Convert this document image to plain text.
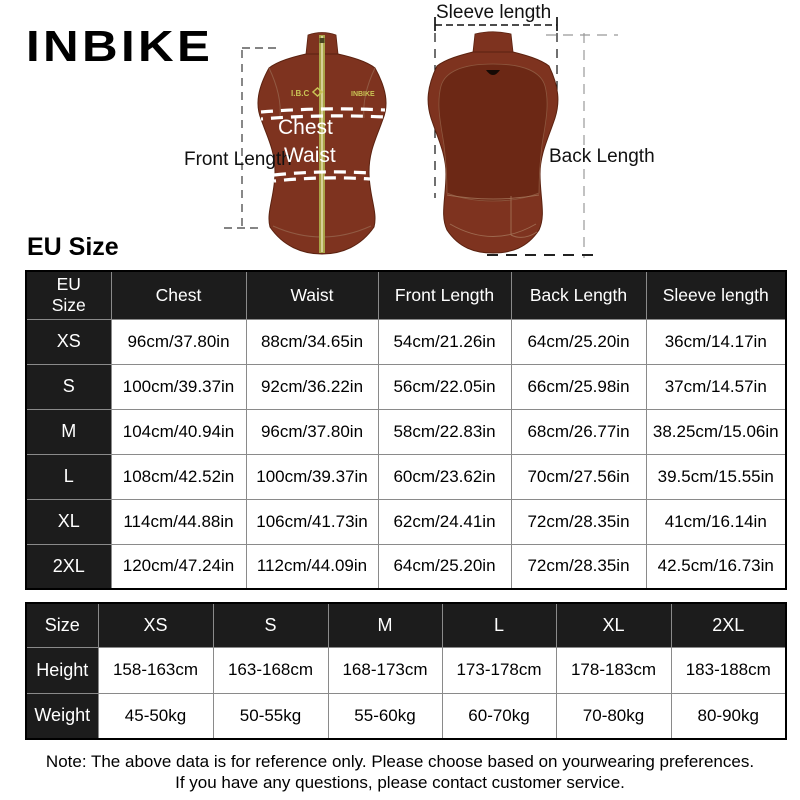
I.B.C	INBIKE
INBIKE
Sleeve length
Front Length	Back Length
Chest
Waist
EU Size
EU Size	Chest	Waist	Front Length	Back Length	Sleeve length
XS	96cm/37.80in	88cm/34.65in	54cm/21.26in	64cm/25.20in	36cm/14.17in
S	100cm/39.37in	92cm/36.22in	56cm/22.05in	66cm/25.98in	37cm/14.57in
M	104cm/40.94in	96cm/37.80in	58cm/22.83in	68cm/26.77in	38.25cm/15.06in
L	108cm/42.52in	100cm/39.37in	60cm/23.62in	70cm/27.56in	39.5cm/15.55in
XL	114cm/44.88in	106cm/41.73in	62cm/24.41in	72cm/28.35in	41cm/16.14in
2XL	120cm/47.24in	112cm/44.09in	64cm/25.20in	72cm/28.35in	42.5cm/16.73in
Size	XS	S	M	L	XL	2XL
Height	158-163cm	163-168cm	168-173cm	173-178cm	178-183cm	183-188cm
Weight	45-50kg	50-55kg	55-60kg	60-70kg	70-80kg	80-90kg
Note: The above data is for reference only. Please choose based on yourwearing preferences.
If you have any questions, please contact customer service.
